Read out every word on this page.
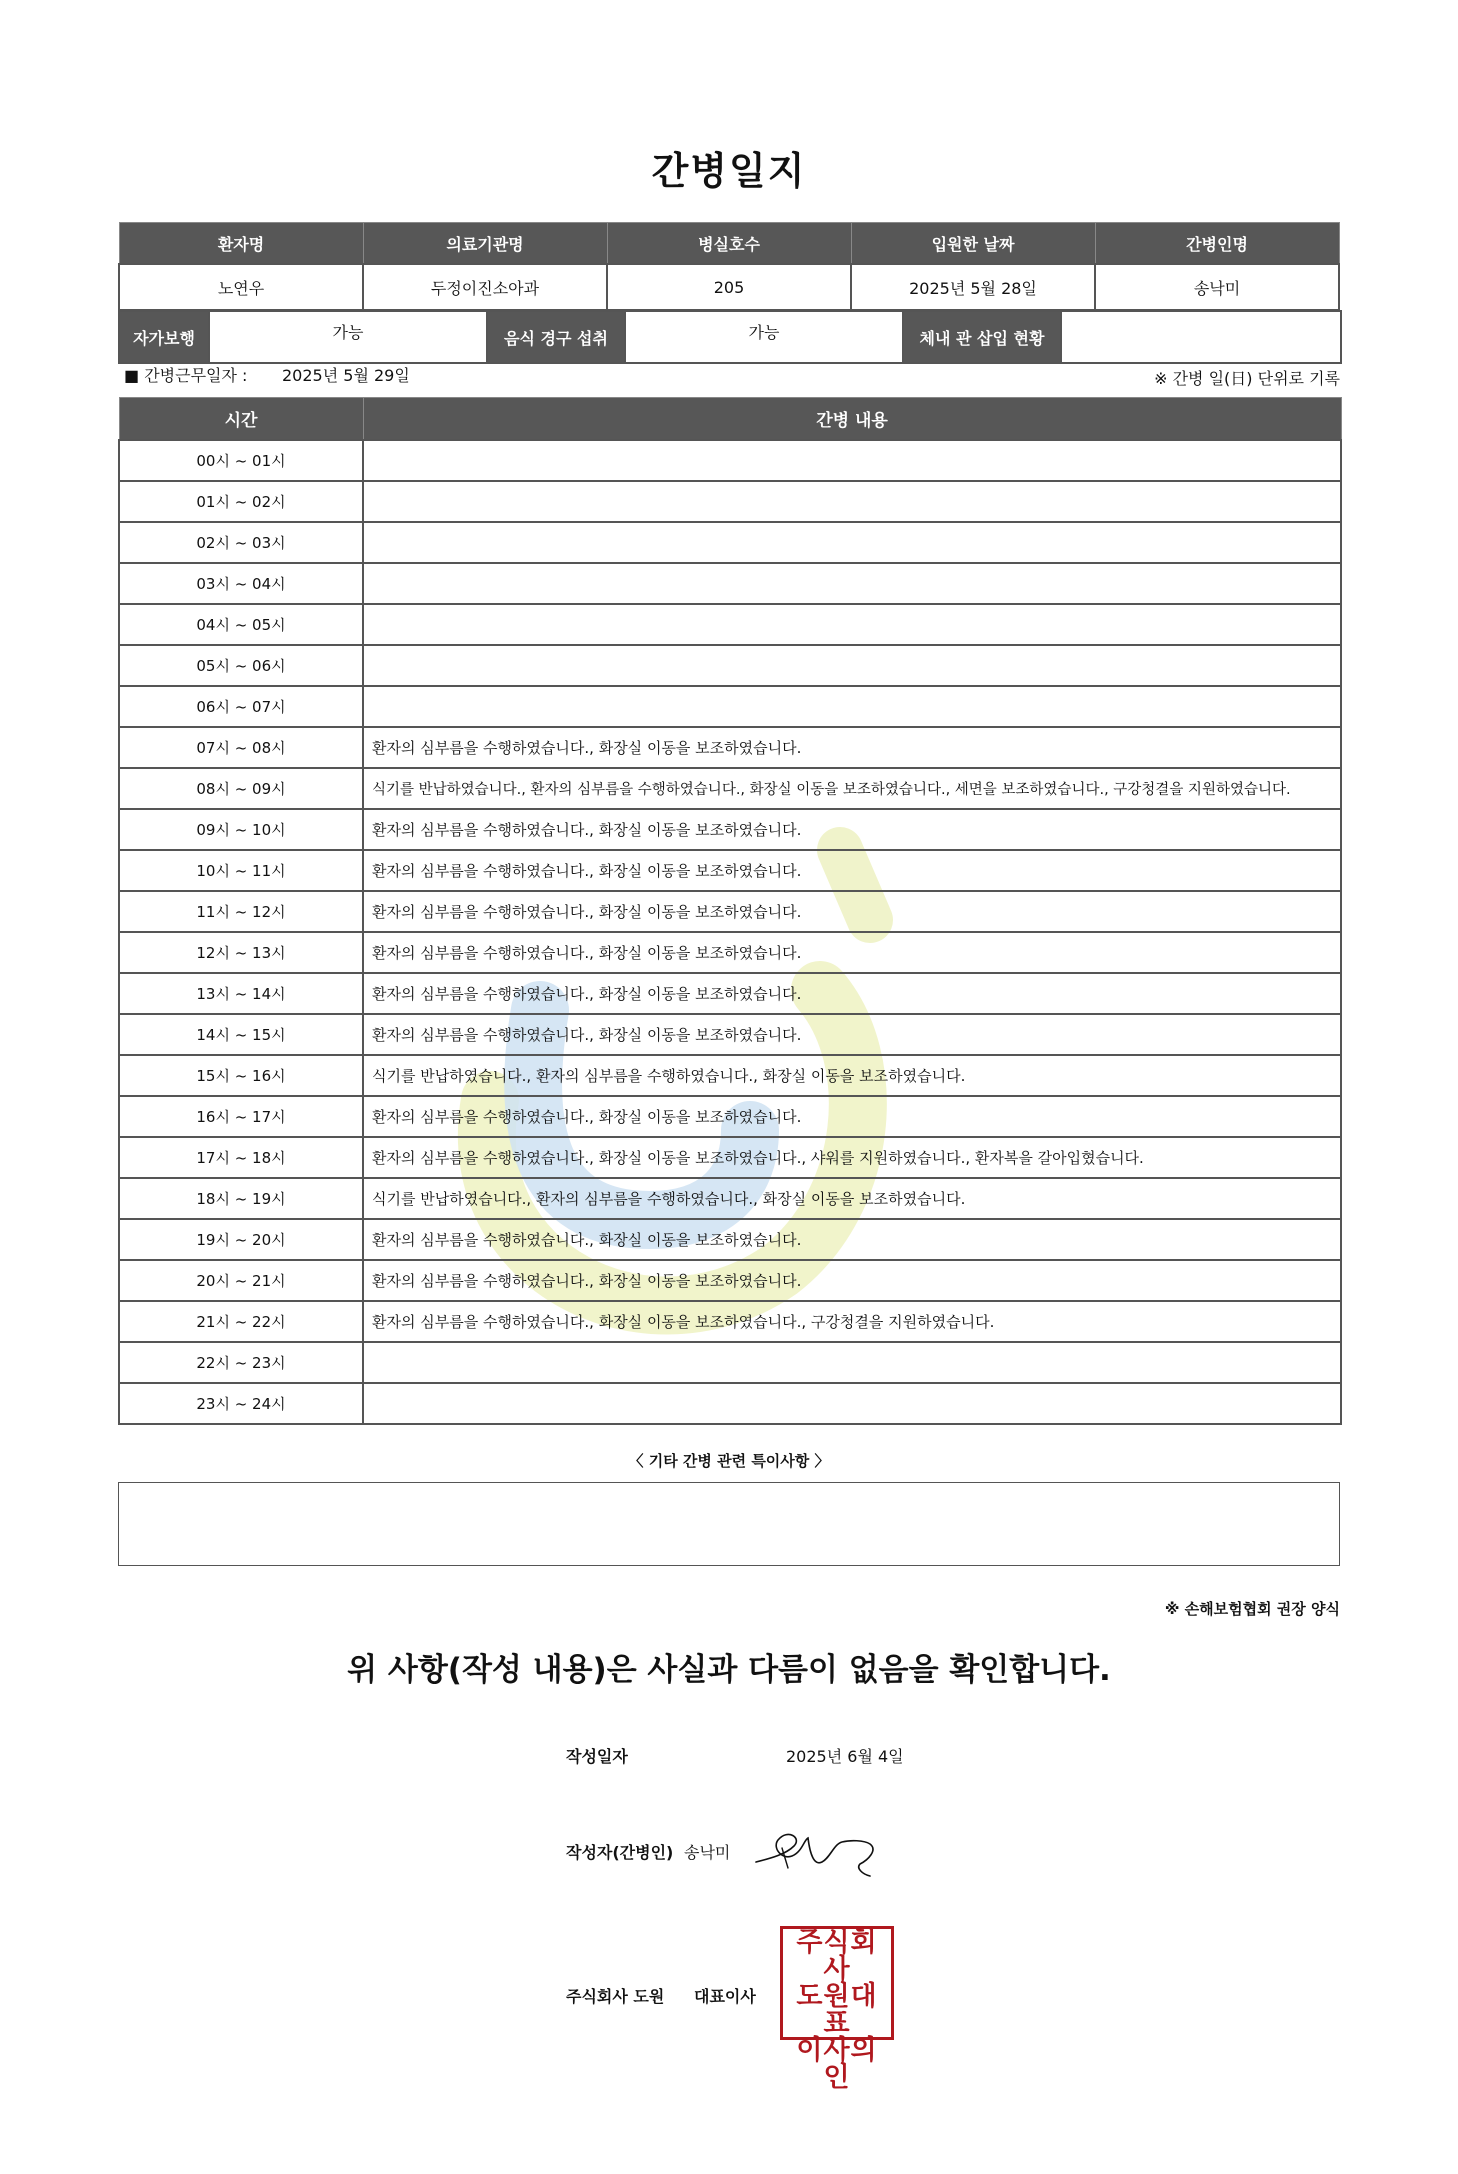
간병일지
환자명	의료기관명	병실호수	입원한 날짜	간병인명
노연우	두정이진소아과	205	2025년 5월 28일	송낙미
자가보행	가능	음식 경구 섭취	가능	체내 관 삽입 현황	
■ 간병근무일자 : 2025년 5월 29일	※ 간병 일(日) 단위로 기록
시간	간병 내용
00시 ~ 01시	
01시 ~ 02시	
02시 ~ 03시	
03시 ~ 04시	
04시 ~ 05시	
05시 ~ 06시	
06시 ~ 07시	
07시 ~ 08시	환자의 심부름을 수행하였습니다., 화장실 이동을 보조하였습니다.
08시 ~ 09시	식기를 반납하였습니다., 환자의 심부름을 수행하였습니다., 화장실 이동을 보조하였습니다., 세면을 보조하였습니다., 구강청결을 지원하였습니다.
09시 ~ 10시	환자의 심부름을 수행하였습니다., 화장실 이동을 보조하였습니다.
10시 ~ 11시	환자의 심부름을 수행하였습니다., 화장실 이동을 보조하였습니다.
11시 ~ 12시	환자의 심부름을 수행하였습니다., 화장실 이동을 보조하였습니다.
12시 ~ 13시	환자의 심부름을 수행하였습니다., 화장실 이동을 보조하였습니다.
13시 ~ 14시	환자의 심부름을 수행하였습니다., 화장실 이동을 보조하였습니다.
14시 ~ 15시	환자의 심부름을 수행하였습니다., 화장실 이동을 보조하였습니다.
15시 ~ 16시	식기를 반납하였습니다., 환자의 심부름을 수행하였습니다., 화장실 이동을 보조하였습니다.
16시 ~ 17시	환자의 심부름을 수행하였습니다., 화장실 이동을 보조하였습니다.
17시 ~ 18시	환자의 심부름을 수행하였습니다., 화장실 이동을 보조하였습니다., 샤워를 지원하였습니다., 환자복을 갈아입혔습니다.
18시 ~ 19시	식기를 반납하였습니다., 환자의 심부름을 수행하였습니다., 화장실 이동을 보조하였습니다.
19시 ~ 20시	환자의 심부름을 수행하였습니다., 화장실 이동을 보조하였습니다.
20시 ~ 21시	환자의 심부름을 수행하였습니다., 화장실 이동을 보조하였습니다.
21시 ~ 22시	환자의 심부름을 수행하였습니다., 화장실 이동을 보조하였습니다., 구강청결을 지원하였습니다.
22시 ~ 23시	
23시 ~ 24시	
〈 기타 간병 관련 특이사항 〉
※ 손해보험협회 권장 양식
위 사항(작성 내용)은 사실과 다름이 없음을 확인합니다.
작성일자	2025년 6월 4일
작성자(간병인) 송낙미
주식회사 도원 대표이사
주식회사
도원대표
이사의인
